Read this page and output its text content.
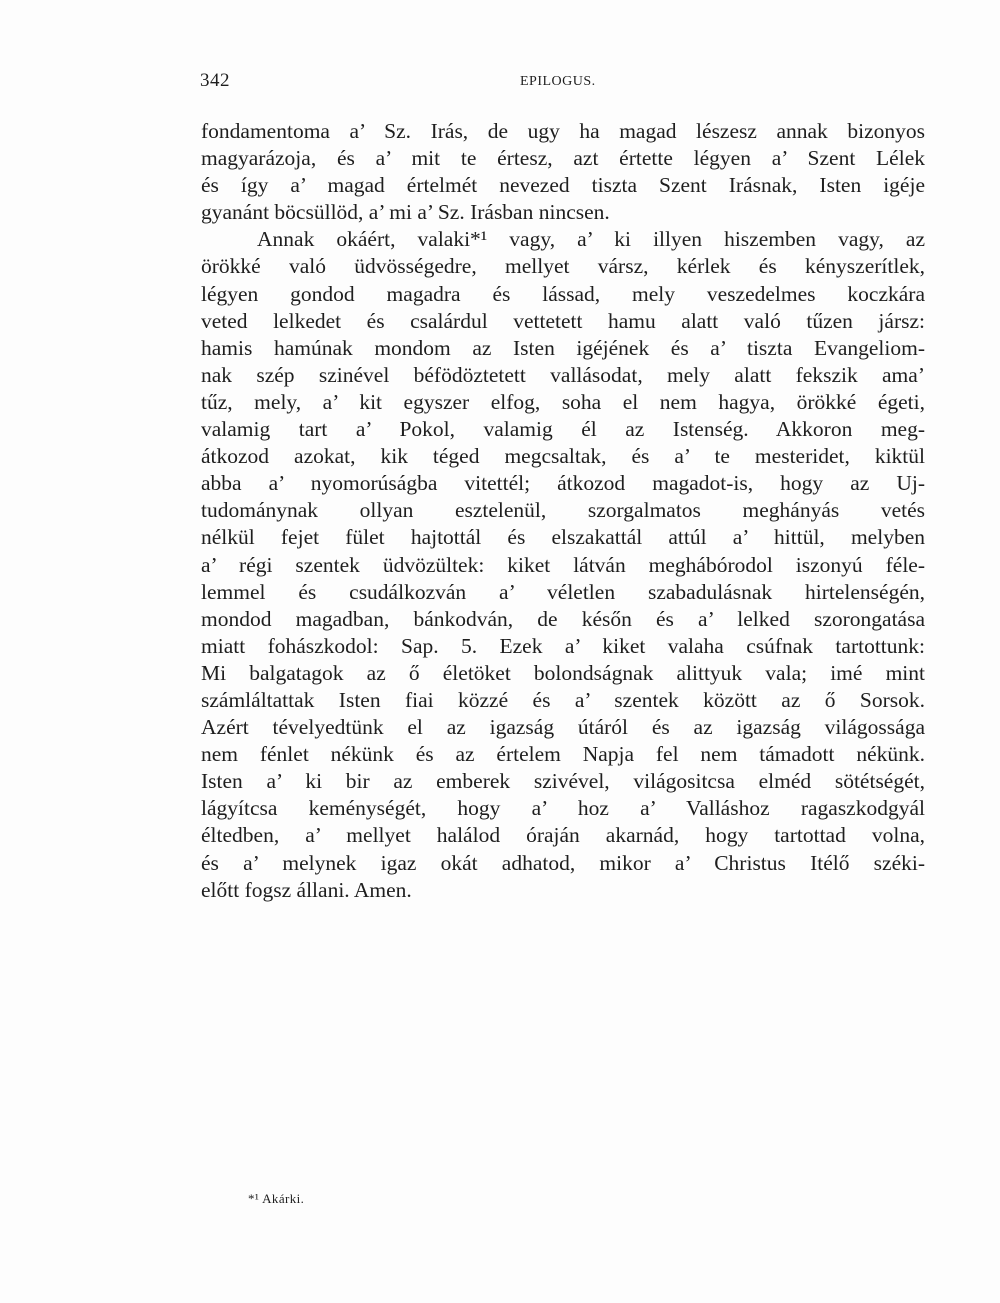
342	EPILOGUS.
fondamentoma a’ Sz. Irás, de ugy ha magad lészesz annak bizonyos
magyarázoja, és a’ mit te értesz, azt értette légyen a’ Szent Lélek
és így a’ magad értelmét nevezed tiszta Szent Irásnak, Isten igéje
gyanánt böcsüllöd, a’ mi a’ Sz. Irásban nincsen.
Annak okáért, valaki*¹ vagy, a’ ki illyen hiszemben vagy, az
örökké való üdvösségedre, mellyet vársz, kérlek és kényszerítlek,
légyen gondod magadra és lássad, mely veszedelmes koczkára
veted lelkedet és csalárdul vettetett hamu alatt való tűzen jársz:
hamis hamúnak mondom az Isten igéjének és a’ tiszta Evangeliom-
nak szép szinével béfödöztetett vallásodat, mely alatt fekszik ama’
tűz, mely, a’ kit egyszer elfog, soha el nem hagya, örökké égeti,
valamig tart a’ Pokol, valamig él az Istenség. Akkoron meg-
átkozod azokat, kik téged megcsaltak, és a’ te mesteridet, kiktül
abba a’ nyomorúságba vitettél; átkozod magadot-is, hogy az Uj-
tudománynak ollyan esztelenül, szorgalmatos meghányás vetés
nélkül fejet fület hajtottál és elszakattál attúl a’ hittül, melyben
a’ régi szentek üdvözültek: kiket látván meghábórodol iszonyú féle-
lemmel és csudálkozván a’ véletlen szabadulásnak hirtelenségén,
mondod magadban, bánkodván, de későn és a’ lelked szorongatása
miatt fohászkodol: Sap. 5. Ezek a’ kiket valaha csúfnak tartottunk:
Mi balgatagok az ő életöket bolondságnak alittyuk vala; imé mint
számláltattak Isten fiai közzé és a’ szentek között az ő Sorsok.
Azért tévelyedtünk el az igazság útáról és az igazság világossága
nem fénlet nékünk és az értelem Napja fel nem támadott nékünk.
Isten a’ ki bir az emberek szivével, világositcsa elméd sötétségét,
lágyítcsa keménységét, hogy a’ hoz a’ Valláshoz ragaszkodgyál
éltedben, a’ mellyet halálod óraján akarnád, hogy tartottad volna,
és a’ melynek igaz okát adhatod, mikor a’ Christus Itélő széki-
előtt fogsz állani. Amen.
*¹ Akárki.
